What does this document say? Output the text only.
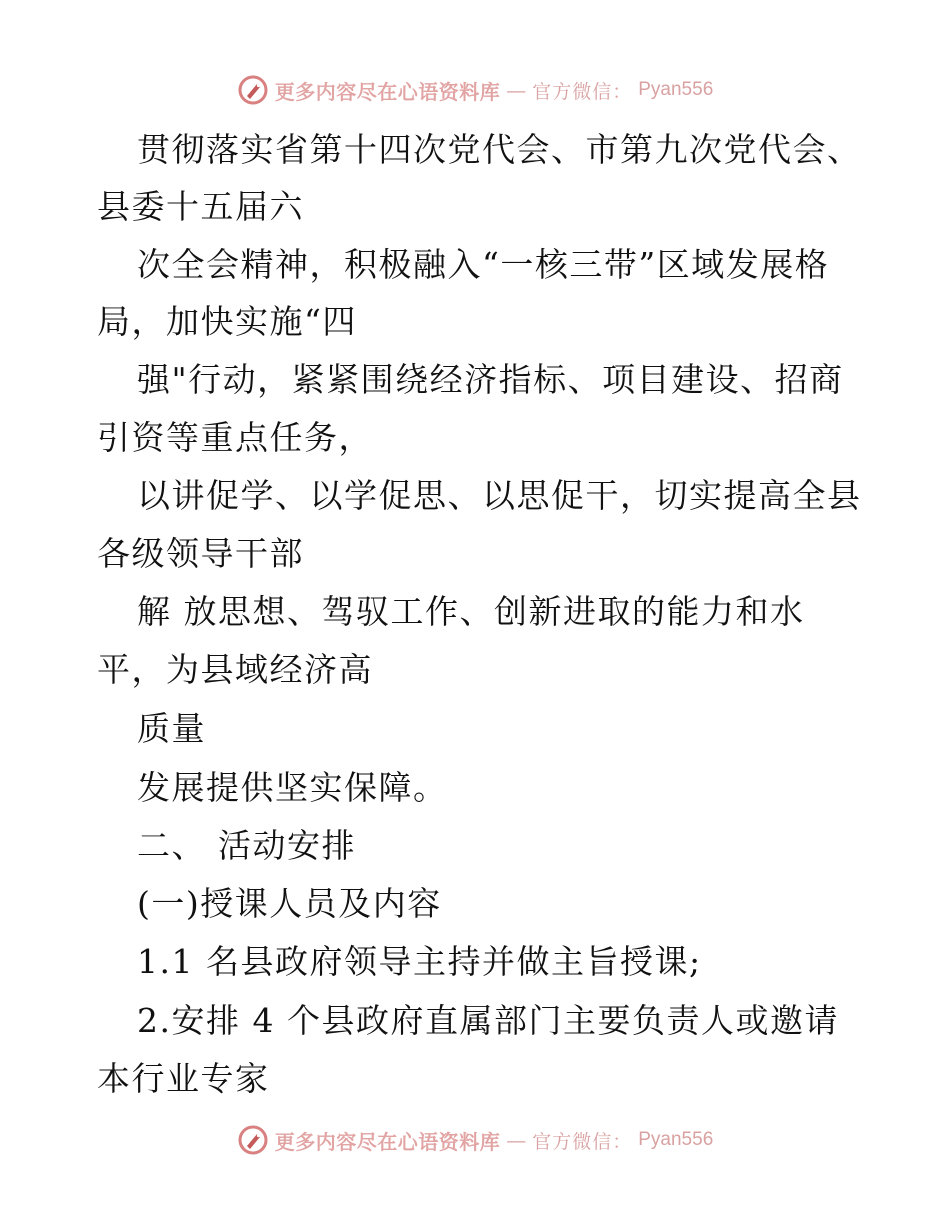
更多内容尽在心语资料库 — 官方微信： Pyan556
贯彻落实省第十四次党代会、市第九次党代会、
县委十五届六
次全会精神，积极融入“一核三带”区域发展格
局，加快实施“四
强"行动，紧紧围绕经济指标、项目建设、招商
引资等重点任务，
以讲促学、以学促思、以思促干，切实提高全县
各级领导干部
解 放思想、驾驭工作、创新进取的能力和水
平，为县域经济高
质量
发展提供坚实保障。
二、 活动安排
(一)授课人员及内容
1.1 名县政府领导主持并做主旨授课;
2.安排 4 个县政府直属部门主要负责人或邀请
本行业专家
更多内容尽在心语资料库 — 官方微信： Pyan556
